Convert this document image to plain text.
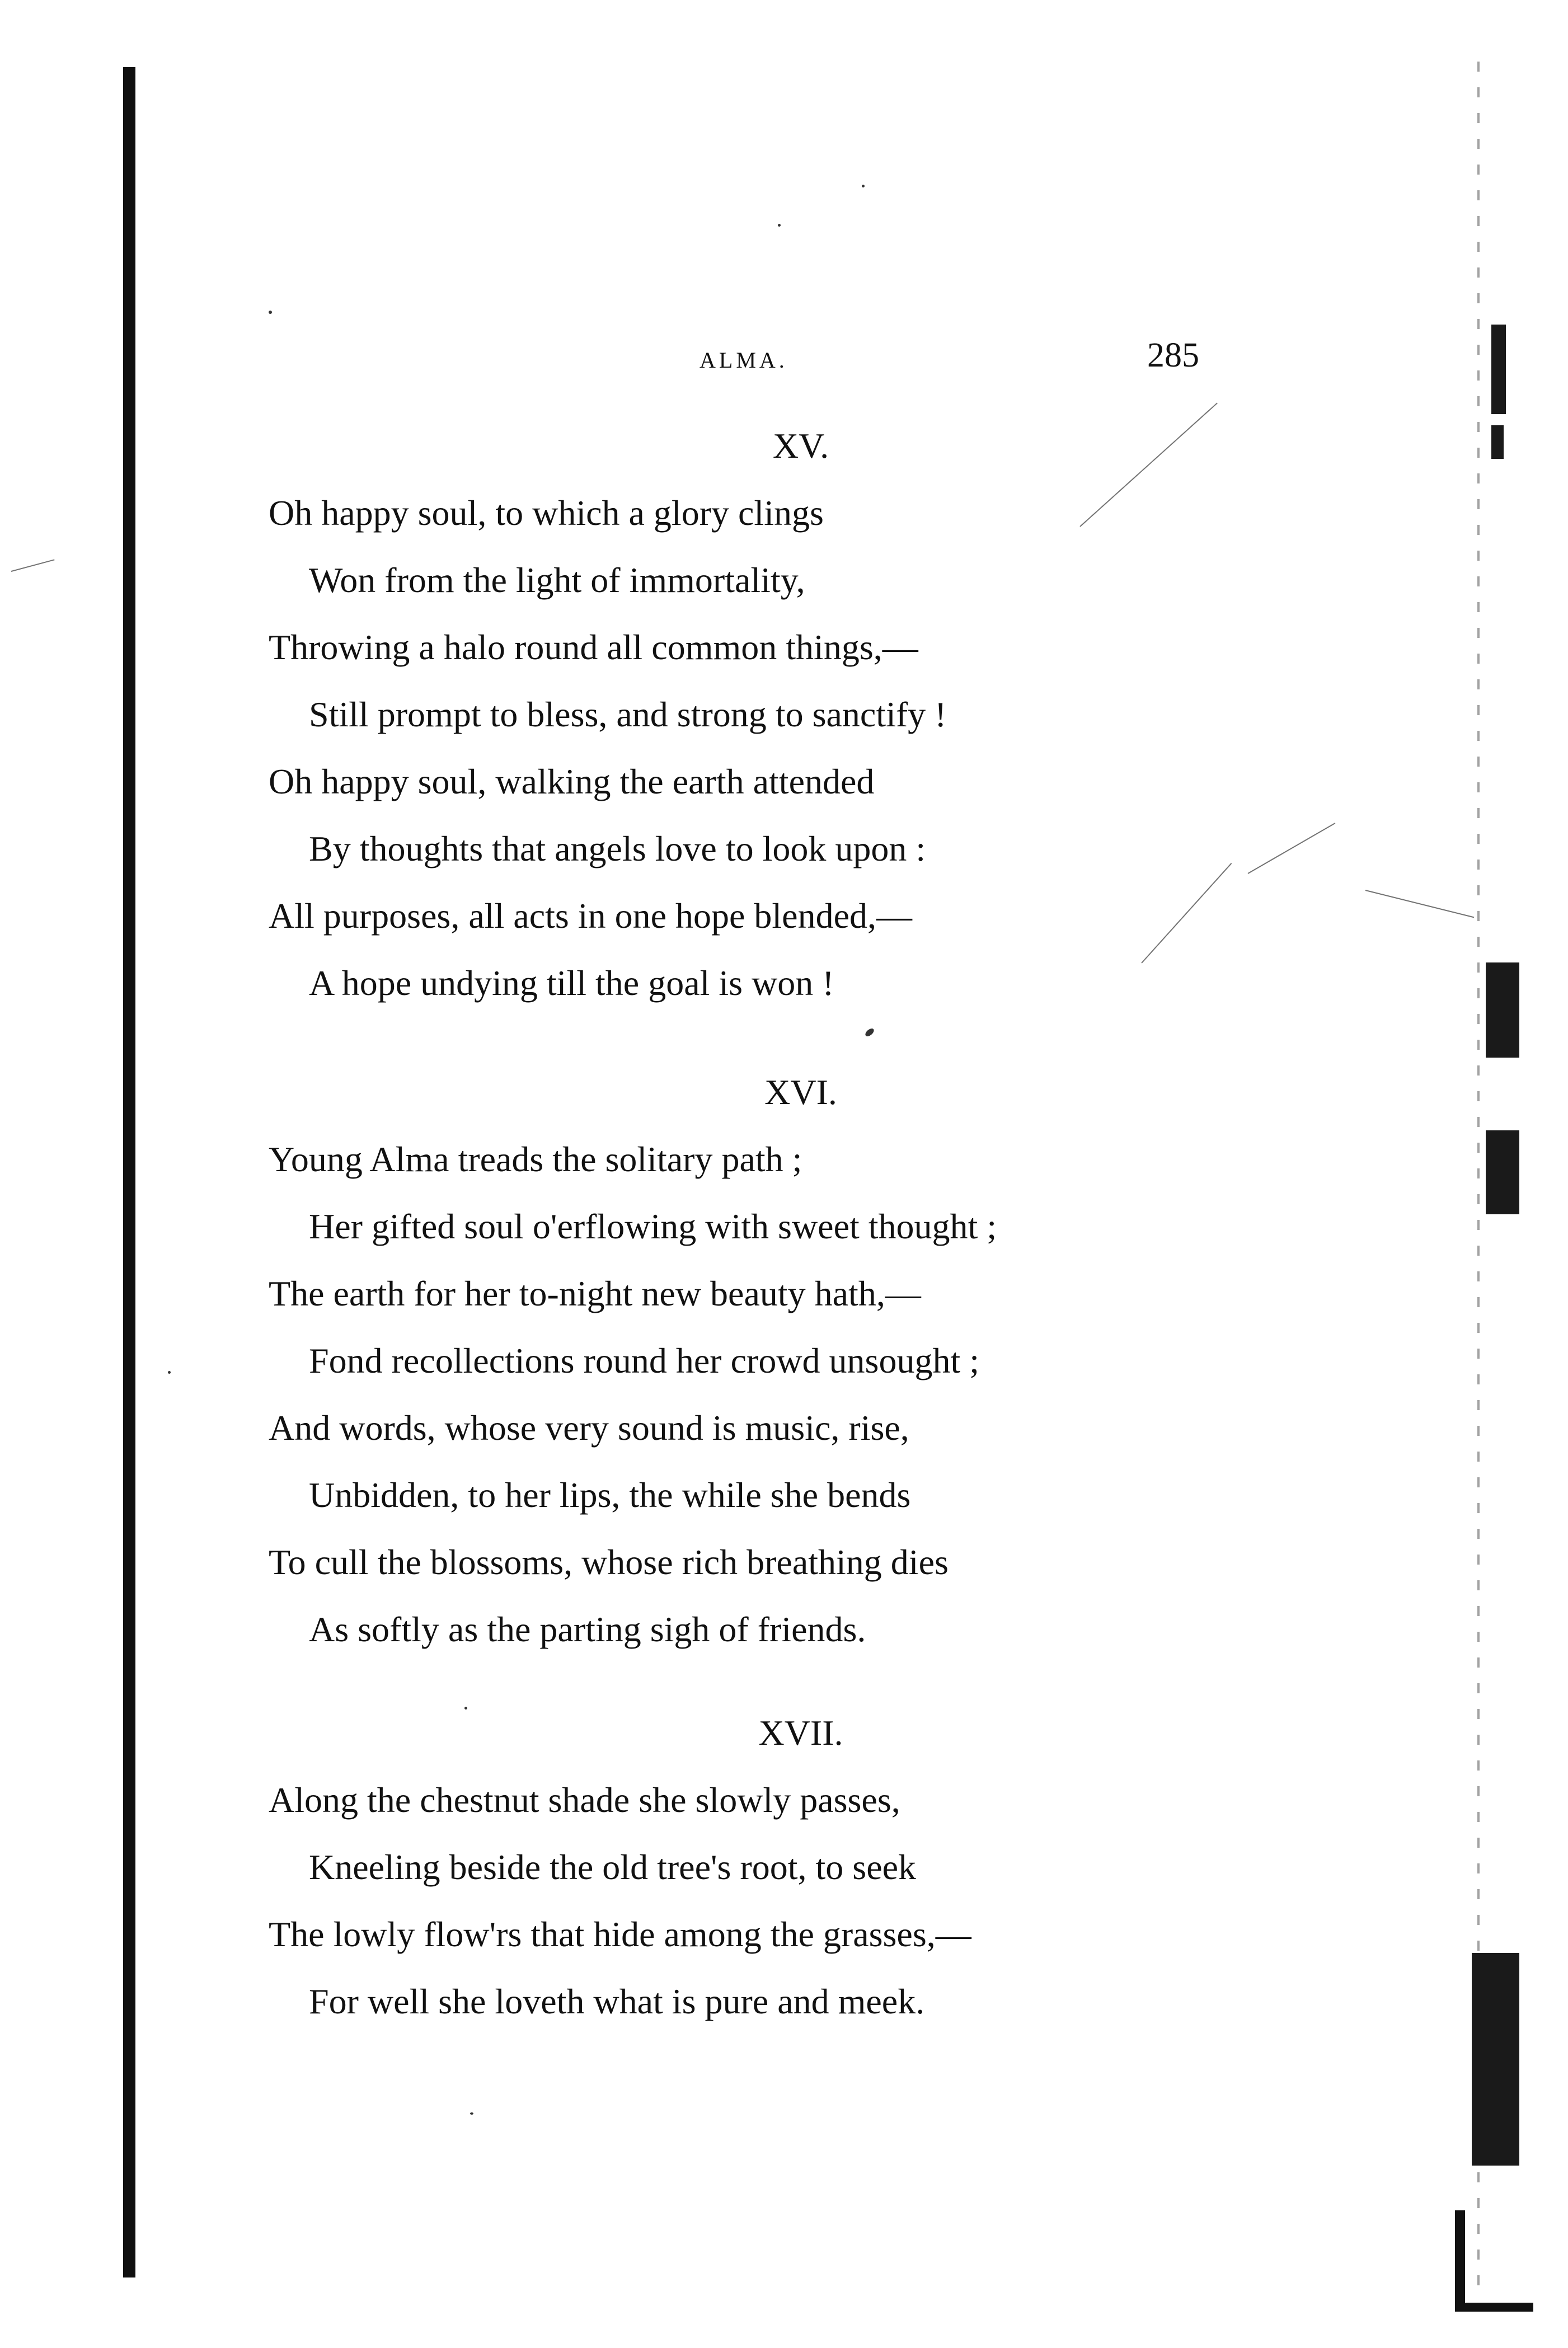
ALMA.	285
XV.
Oh happy soul, to which a glory clings
Won from the light of immortality,
Throwing a halo round all common things,—
Still prompt to bless, and strong to sanctify !
Oh happy soul, walking the earth attended
By thoughts that angels love to look upon :
All purposes, all acts in one hope blended,—
A hope undying till the goal is won !
XVI.
Young Alma treads the solitary path ;
Her gifted soul o'erflowing with sweet thought ;
The earth for her to-night new beauty hath,—
Fond recollections round her crowd unsought ;
And words, whose very sound is music, rise,
Unbidden, to her lips, the while she bends
To cull the blossoms, whose rich breathing dies
As softly as the parting sigh of friends.
XVII.
Along the chestnut shade she slowly passes,
Kneeling beside the old tree's root, to seek
The lowly flow'rs that hide among the grasses,—
For well she loveth what is pure and meek.
